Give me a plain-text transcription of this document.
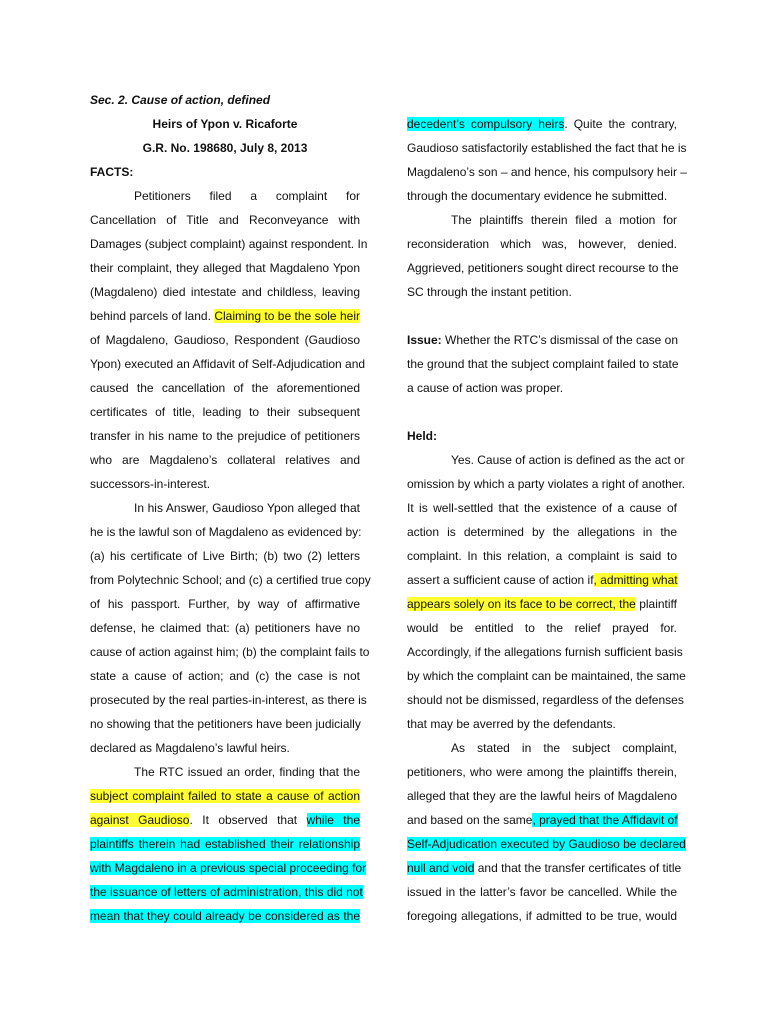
Sec. 2. Cause of action, defined
Heirs of Ypon v. Ricaforte
G.R. No. 198680, July 8, 2013
FACTS:
Petitioners filed a complaint for
Cancellation of Title and Reconveyance with
Damages (subject complaint) against respondent. In
their complaint, they alleged that Magdaleno Ypon
(Magdaleno) died intestate and childless, leaving
behind parcels of land. Claiming to be the sole heir
of Magdaleno, Gaudioso, Respondent (Gaudioso
Ypon) executed an Affidavit of Self-Adjudication and
caused the cancellation of the aforementioned
certificates of title, leading to their subsequent
transfer in his name to the prejudice of petitioners
who are Magdaleno’s collateral relatives and
successors-in-interest.
In his Answer, Gaudioso Ypon alleged that
he is the lawful son of Magdaleno as evidenced by:
(a) his certificate of Live Birth; (b) two (2) letters
from Polytechnic School; and (c) a certified true copy
of his passport. Further, by way of affirmative
defense, he claimed that: (a) petitioners have no
cause of action against him; (b) the complaint fails to
state a cause of action; and (c) the case is not
prosecuted by the real parties-in-interest, as there is
no showing that the petitioners have been judicially
declared as Magdaleno’s lawful heirs.
The RTC issued an order, finding that the
subject complaint failed to state a cause of action
against Gaudioso. It observed that while the
plaintiffs therein had established their relationship
with Magdaleno in a previous special proceeding for
the issuance of letters of administration, this did not
mean that they could already be considered as the
decedent’s compulsory heirs. Quite the contrary,
Gaudioso satisfactorily established the fact that he is
Magdaleno’s son – and hence, his compulsory heir –
through the documentary evidence he submitted.
The plaintiffs therein filed a motion for
reconsideration which was, however, denied.
Aggrieved, petitioners sought direct recourse to the
SC through the instant petition.
Issue: Whether the RTC’s dismissal of the case on
the ground that the subject complaint failed to state
a cause of action was proper.
Held:
Yes. Cause of action is defined as the act or
omission by which a party violates a right of another.
It is well-settled that the existence of a cause of
action is determined by the allegations in the
complaint. In this relation, a complaint is said to
assert a sufficient cause of action if, admitting what
appears solely on its face to be correct, the plaintiff
would be entitled to the relief prayed for.
Accordingly, if the allegations furnish sufficient basis
by which the complaint can be maintained, the same
should not be dismissed, regardless of the defenses
that may be averred by the defendants.
As stated in the subject complaint,
petitioners, who were among the plaintiffs therein,
alleged that they are the lawful heirs of Magdaleno
and based on the same, prayed that the Affidavit of
Self-Adjudication executed by Gaudioso be declared
null and void and that the transfer certificates of title
issued in the latter’s favor be cancelled. While the
foregoing allegations, if admitted to be true, would
